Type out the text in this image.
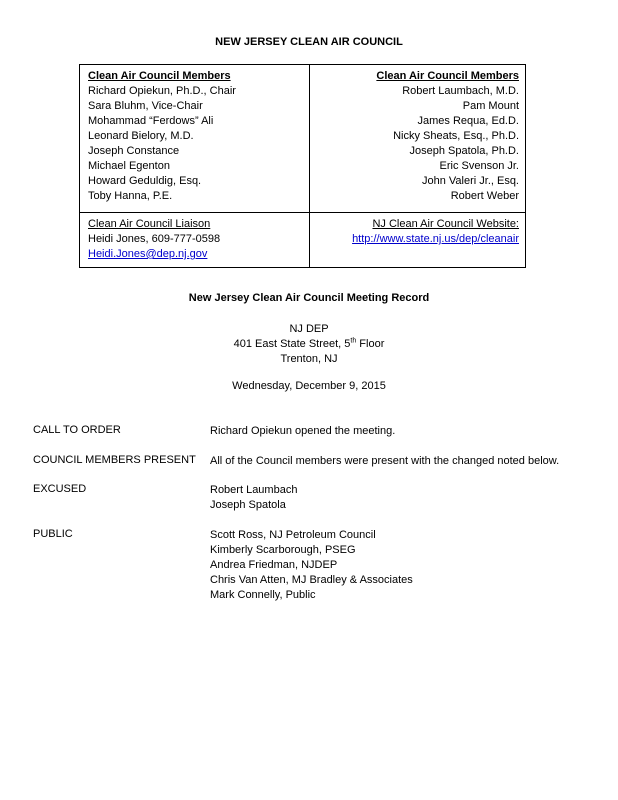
NEW JERSEY CLEAN AIR COUNCIL
Clean Air Council Members
Richard Opiekun, Ph.D., Chair
Sara Bluhm, Vice-Chair
Mohammad “Ferdows” Ali
Leonard Bielory, M.D.
Joseph Constance
Michael Egenton
Howard Geduldig, Esq.
Toby Hanna, P.E.
Clean Air Council Members
Robert Laumbach, M.D.
Pam Mount
James Requa, Ed.D.
Nicky Sheats, Esq., Ph.D.
Joseph Spatola, Ph.D.
Eric Svenson Jr.
John Valeri Jr., Esq.
Robert Weber
Clean Air Council Liaison
Heidi Jones, 609-777-0598
Heidi.Jones@dep.nj.gov
NJ Clean Air Council Website:
http://www.state.nj.us/dep/cleanair
New Jersey Clean Air Council Meeting Record
NJ DEP
401 East State Street, 5th Floor
Trenton, NJ
Wednesday, December 9, 2015
CALL TO ORDER	Richard Opiekun opened the meeting.
COUNCIL MEMBERS PRESENT All of the Council members were present with the changed noted below.
EXCUSED	Robert Laumbach
Joseph Spatola
PUBLIC	Scott Ross, NJ Petroleum Council
Kimberly Scarborough, PSEG
Andrea Friedman, NJDEP
Chris Van Atten, MJ Bradley & Associates
Mark Connelly, Public
